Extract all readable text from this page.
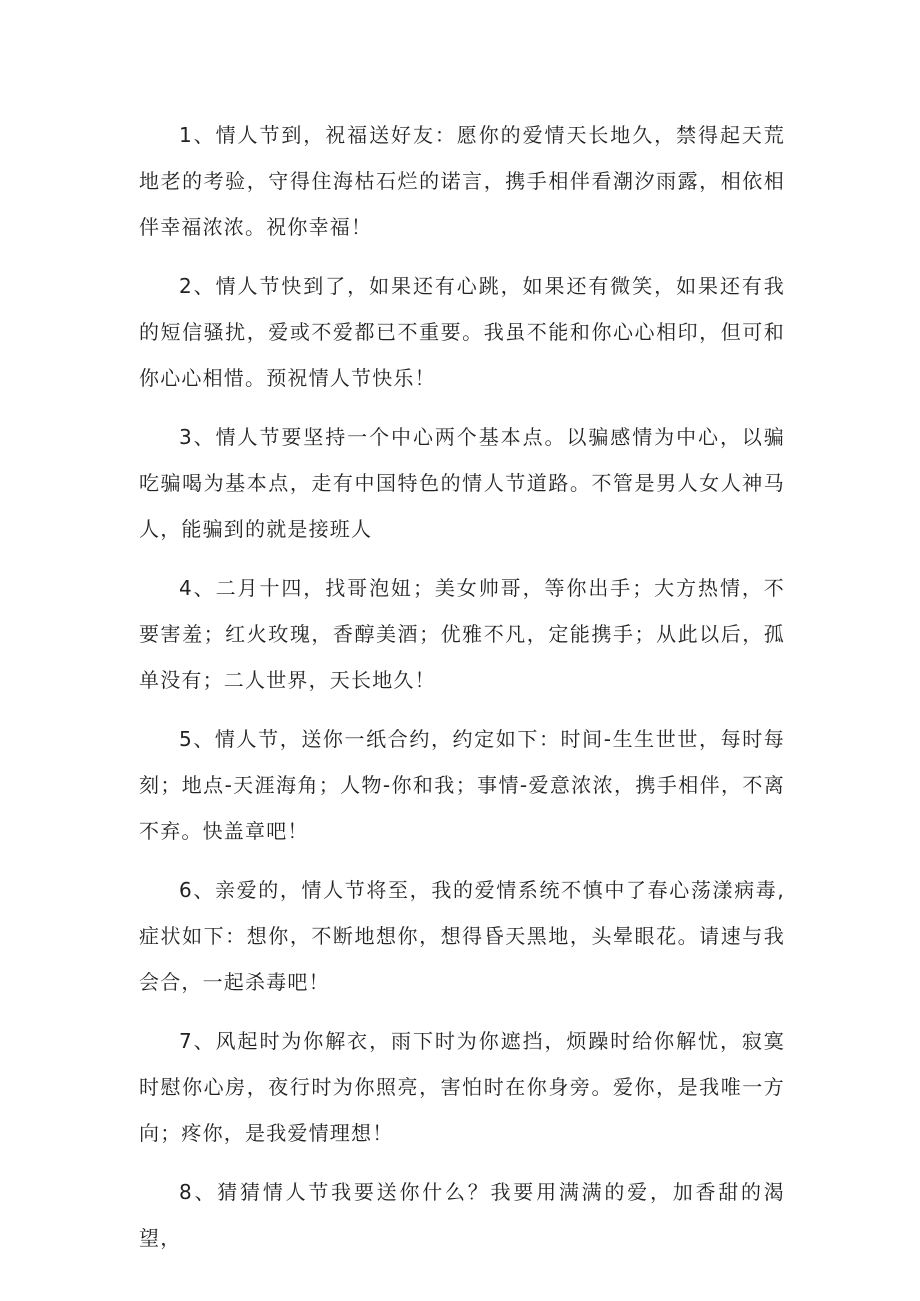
1、情人节到，祝福送好友：愿你的爱情天长地久，禁得起天荒地老的考验，守得住海枯石烂的诺言，携手相伴看潮汐雨露，相依相伴幸福浓浓。祝你幸福！

2、情人节快到了，如果还有心跳，如果还有微笑，如果还有我的短信骚扰，爱或不爱都已不重要。我虽不能和你心心相印，但可和你心心相惜。预祝情人节快乐！

3、情人节要坚持一个中心两个基本点。以骗感情为中心，以骗吃骗喝为基本点，走有中国特色的情人节道路。不管是男人女人神马人，能骗到的就是接班人

4、二月十四，找哥泡妞；美女帅哥，等你出手；大方热情，不要害羞；红火玫瑰，香醇美酒；优雅不凡，定能携手；从此以后，孤单没有；二人世界，天长地久！

5、情人节，送你一纸合约，约定如下：时间-生生世世，每时每刻；地点-天涯海角；人物-你和我；事情-爱意浓浓，携手相伴，不离不弃。快盖章吧！

6、亲爱的，情人节将至，我的爱情系统不慎中了春心荡漾病毒,症状如下：想你，不断地想你，想得昏天黑地，头晕眼花。请速与我会合，一起杀毒吧！

7、风起时为你解衣，雨下时为你遮挡，烦躁时给你解忧，寂寞时慰你心房，夜行时为你照亮，害怕时在你身旁。爱你，是我唯一方向；疼你，是我爱情理想！

8、猜猜情人节我要送你什么？我要用满满的爱，加香甜的渴望，
